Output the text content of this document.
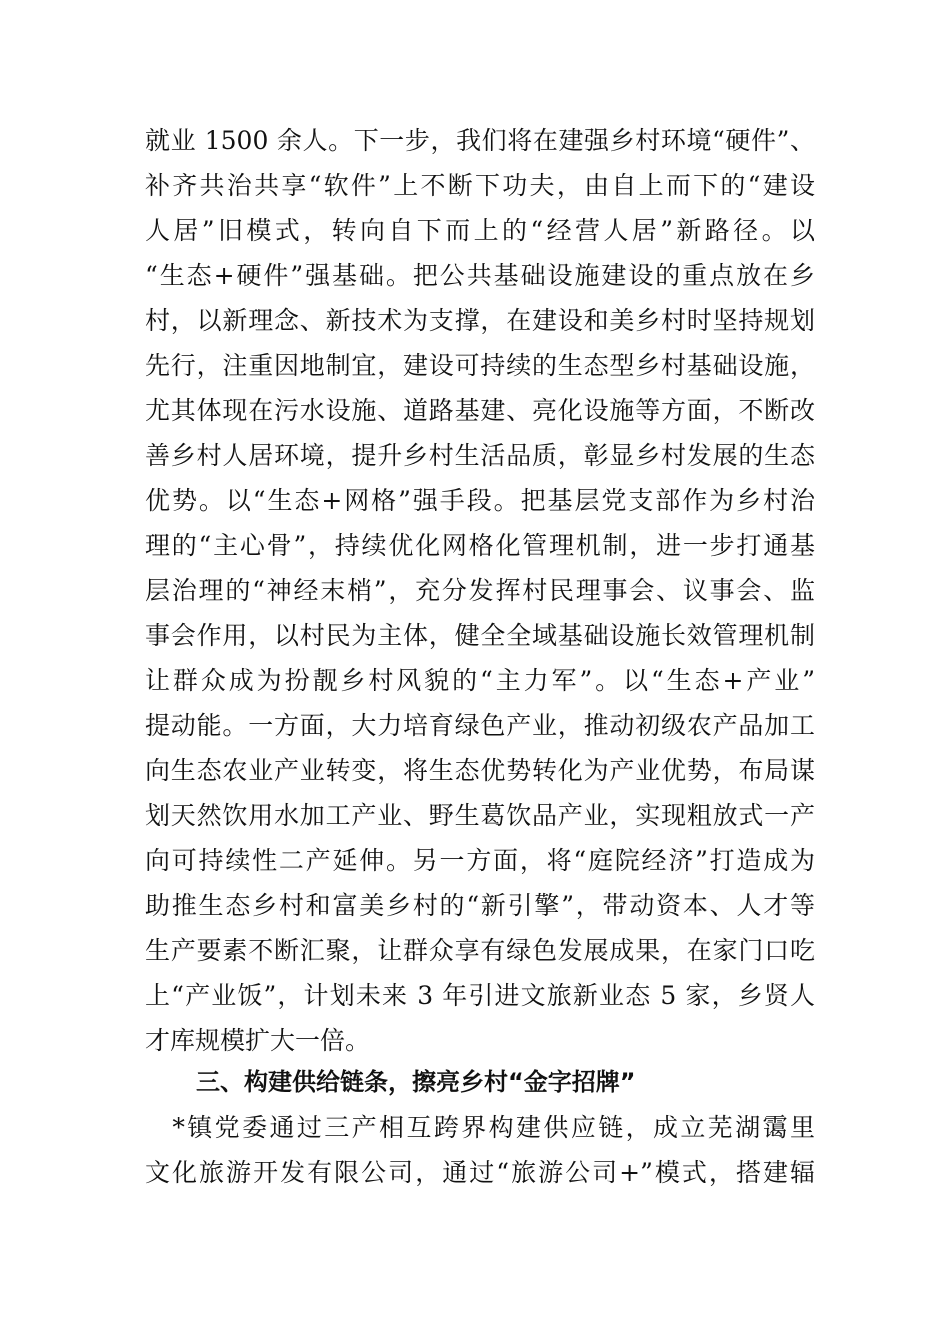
就业 1500 余人。下一步，我们将在建强乡村环境“硬件”、
补齐共治共享“软件”上不断下功夫，由自上而下的“建设
人居”旧模式，转向自下而上的“经营人居”新路径。以
“生态+硬件”强基础。把公共基础设施建设的重点放在乡
村，以新理念、新技术为支撑，在建设和美乡村时坚持规划
先行，注重因地制宜，建设可持续的生态型乡村基础设施，
尤其体现在污水设施、道路基建、亮化设施等方面，不断改
善乡村人居环境，提升乡村生活品质，彰显乡村发展的生态
优势。以“生态+网格”强手段。把基层党支部作为乡村治
理的“主心骨”，持续优化网格化管理机制，进一步打通基
层治理的“神经末梢”，充分发挥村民理事会、议事会、监
事会作用，以村民为主体，健全全域基础设施长效管理机制
让群众成为扮靓乡村风貌的“主力军”。以“生态+产业”
提动能。一方面，大力培育绿色产业，推动初级农产品加工
向生态农业产业转变，将生态优势转化为产业优势，布局谋
划天然饮用水加工产业、野生葛饮品产业，实现粗放式一产
向可持续性二产延伸。另一方面，将“庭院经济”打造成为
助推生态乡村和富美乡村的“新引擎”，带动资本、人才等
生产要素不断汇聚，让群众享有绿色发展成果，在家门口吃
上“产业饭”，计划未来 3 年引进文旅新业态 5 家，乡贤人
才库规模扩大一倍。
三、构建供给链条，擦亮乡村“金字招牌”
　*镇党委通过三产相互跨界构建供应链，成立芜湖霭里
文化旅游开发有限公司，通过“旅游公司+”模式，搭建辐
